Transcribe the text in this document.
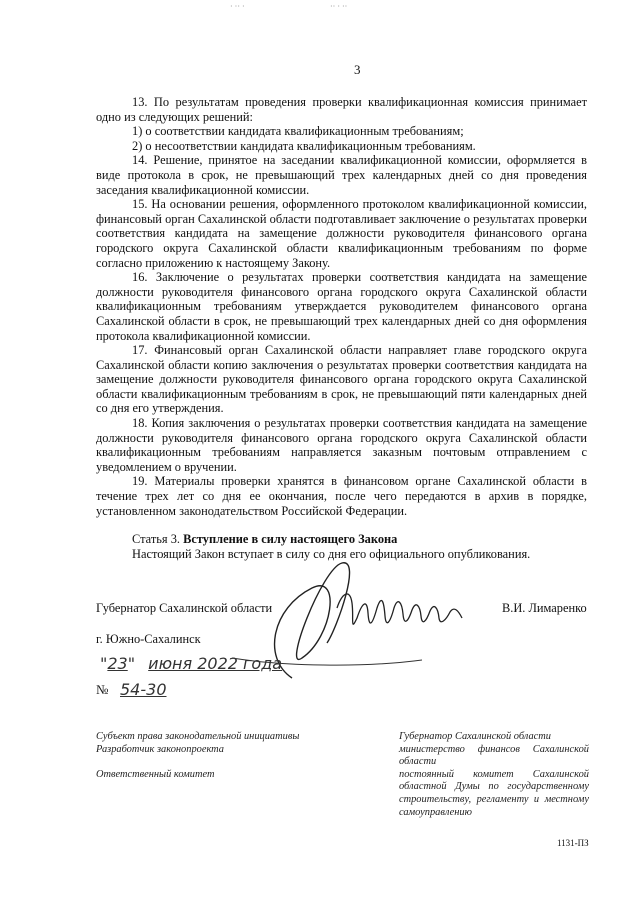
3

13. По результатам проведения проверки квалификационная комиссия принимает одно из следующих решений:

1) о соответствии кандидата квалификационным требованиям;

2) о несоответствии кандидата квалификационным требованиям.

14. Решение, принятое на заседании квалификационной комиссии, оформляется в виде протокола в срок, не превышающий трех календарных дней со дня проведения заседания квалификационной комиссии.

15. На основании решения, оформленного протоколом квалификационной комиссии, финансовый орган Сахалинской области подготавливает заключение о результатах проверки соответствия кандидата на замещение должности руководителя финансового органа городского округа Сахалинской области квалификационным требованиям по форме согласно приложению к настоящему Закону.

16. Заключение о результатах проверки соответствия кандидата на замещение должности руководителя финансового органа городского округа Сахалинской области квалификационным требованиям утверждается руководителем финансового органа Сахалинской области в срок, не превышающий трех календарных дней со дня оформления протокола квалификационной комиссии.

17. Финансовый орган Сахалинской области направляет главе городского округа Сахалинской области копию заключения о результатах проверки соответствия кандидата на замещение должности руководителя финансового органа городского округа Сахалинской области квалификационным требованиям в срок, не превышающий пяти календарных дней со дня его утверждения.

18. Копия заключения о результатах проверки соответствия кандидата на замещение должности руководителя финансового органа городского округа Сахалинской области квалификационным требованиям направляется заказным почтовым отправлением с уведомлением о вручении.

19. Материалы проверки хранятся в финансовом органе Сахалинской области в течение трех лет со дня ее окончания, после чего передаются в архив в порядке, установленном законодательством Российской Федерации.

Статья 3. Вступление в силу настоящего Закона

Настоящий Закон вступает в силу со дня его официального опубликования.

Губернатор Сахалинской области	В.И. Лимаренко
г. Южно-Сахалинск
"23" июня 2022 года
№ 54-30
Субъект права законодательной инициативы
Разработчик законопроекта
Ответственный комитет
Губернатор Сахалинской области
министерство финансов Сахалинской области
постоянный комитет Сахалинской областной Думы по государственному строительству, регламенту и местному самоуправлению
1131-ПЗ
· ·· ·	·· · ··
